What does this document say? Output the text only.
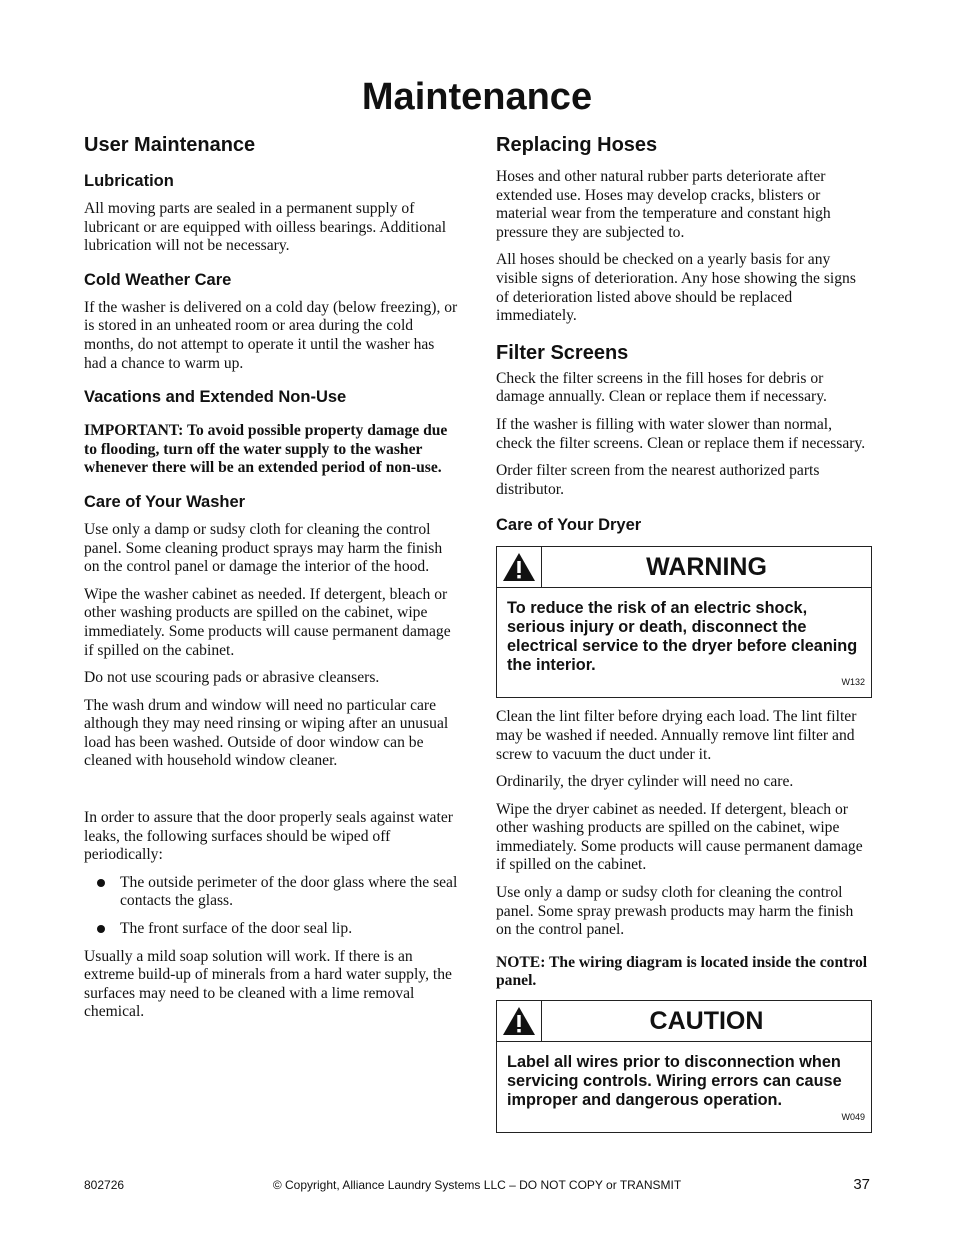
Maintenance
User Maintenance
Lubrication

All moving parts are sealed in a permanent supply of lubricant or are equipped with oilless bearings. Additional lubrication will not be necessary.

Cold Weather Care

If the washer is delivered on a cold day (below freezing), or is stored in an unheated room or area during the cold months, do not attempt to operate it until the washer has had a chance to warm up.

Vacations and Extended Non-Use

IMPORTANT: To avoid possible property damage due to flooding, turn off the water supply to the washer whenever there will be an extended period of non-use.

Care of Your Washer

Use only a damp or sudsy cloth for cleaning the control panel. Some cleaning product sprays may harm the finish on the control panel or damage the interior of the hood.

Wipe the washer cabinet as needed. If detergent, bleach or other washing products are spilled on the cabinet, wipe immediately. Some products will cause permanent damage if spilled on the cabinet.

Do not use scouring pads or abrasive cleansers.

The wash drum and window will need no particular care although they may need rinsing or wiping after an unusual load has been washed. Outside of door window can be cleaned with household window cleaner.

In order to assure that the door properly seals against water leaks, the following surfaces should be wiped off periodically:

The outside perimeter of the door glass where the seal contacts the glass.
The front surface of the door seal lip.

Usually a mild soap solution will work. If there is an extreme build-up of minerals from a hard water supply, the surfaces may need to be cleaned with a lime removal chemical.

Replacing Hoses

Hoses and other natural rubber parts deteriorate after extended use. Hoses may develop cracks, blisters or material wear from the temperature and constant high pressure they are subjected to.

All hoses should be checked on a yearly basis for any visible signs of deterioration. Any hose showing the signs of deterioration listed above should be replaced immediately.

Filter Screens

Check the filter screens in the fill hoses for debris or damage annually. Clean or replace them if necessary.

If the washer is filling with water slower than normal, check the filter screens. Clean or replace them if necessary.

Order filter screen from the nearest authorized parts distributor.

Care of Your Dryer
WARNING
To reduce the risk of an electric shock, serious injury or death, disconnect the electrical service to the dryer before cleaning the interior.
W132

Clean the lint filter before drying each load. The lint filter may be washed if needed. Annually remove lint filter and screw to vacuum the duct under it.

Ordinarily, the dryer cylinder will need no care.

Wipe the dryer cabinet as needed. If detergent, bleach or other washing products are spilled on the cabinet, wipe immediately. Some products will cause permanent damage if spilled on the cabinet.

Use only a damp or sudsy cloth for cleaning the control panel. Some spray prewash products may harm the finish on the control panel.

NOTE: The wiring diagram is located inside the control panel.

CAUTION
Label all wires prior to disconnection when servicing controls. Wiring errors can cause improper and dangerous operation.
W049
802726	© Copyright, Alliance Laundry Systems LLC – DO NOT COPY or TRANSMIT	37
